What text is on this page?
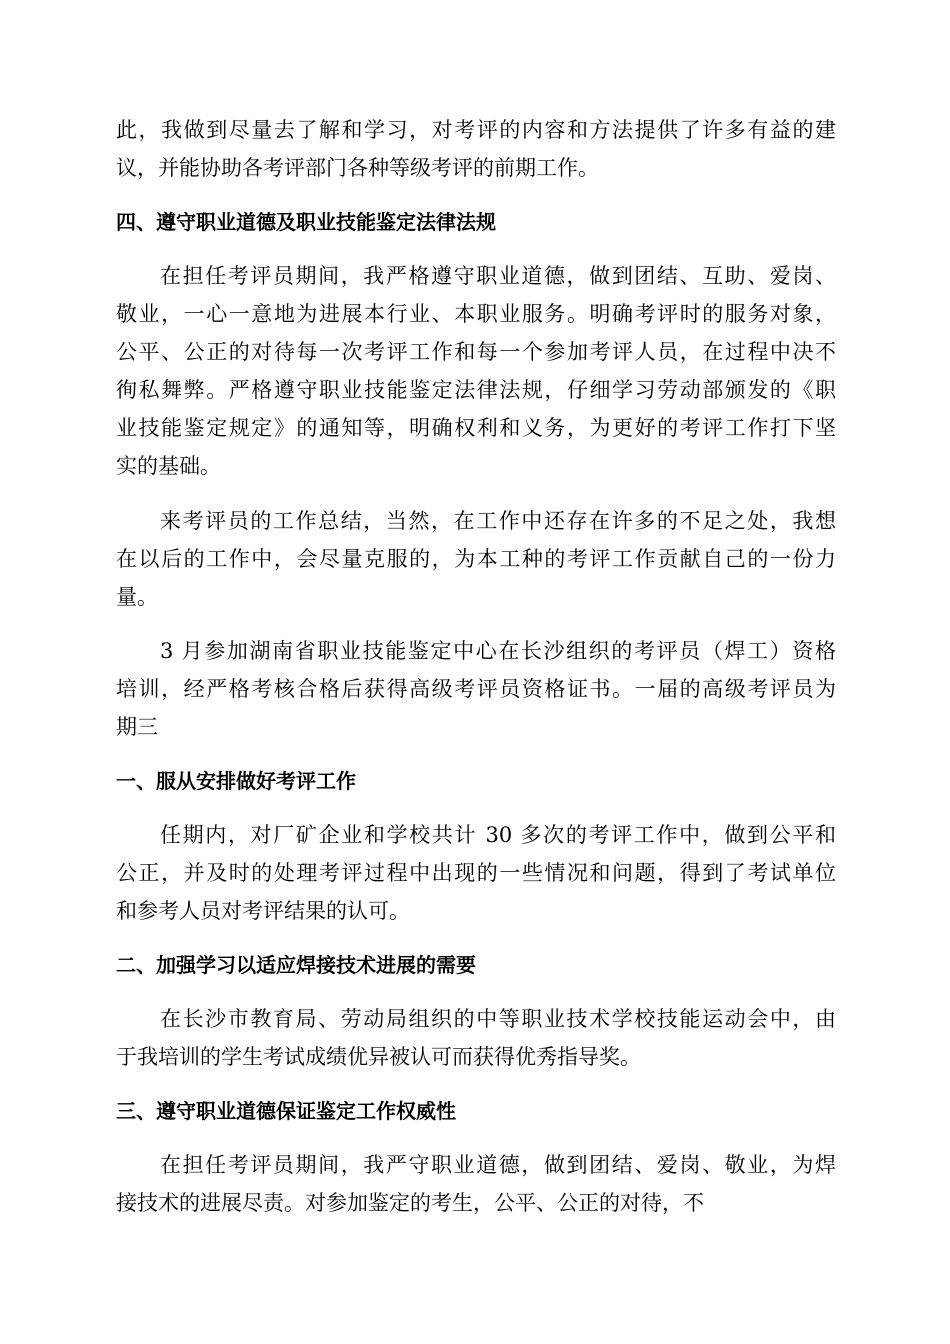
此，我做到尽量去了解和学习，对考评的内容和方法提供了许多有益的建
议，并能协助各考评部门各种等级考评的前期工作。
四、遵守职业道德及职业技能鉴定法律法规
在担任考评员期间，我严格遵守职业道德，做到团结、互助、爱岗、
敬业，一心一意地为进展本行业、本职业服务。明确考评时的服务对象，
公平、公正的对待每一次考评工作和每一个参加考评人员，在过程中决不
徇私舞弊。严格遵守职业技能鉴定法律法规，仔细学习劳动部颁发的《职
业技能鉴定规定》的通知等，明确权利和义务，为更好的考评工作打下坚
实的基础。
来考评员的工作总结，当然，在工作中还存在许多的不足之处，我想
在以后的工作中，会尽量克服的，为本工种的考评工作贡献自己的一份力
量。
3 月参加湖南省职业技能鉴定中心在长沙组织的考评员（焊工）资格
培训，经严格考核合格后获得高级考评员资格证书。一届的高级考评员为
期三
一、服从安排做好考评工作
任期内，对厂矿企业和学校共计 30 多次的考评工作中，做到公平和
公正，并及时的处理考评过程中出现的一些情况和问题，得到了考试单位
和参考人员对考评结果的认可。
二、加强学习以适应焊接技术进展的需要
在长沙市教育局、劳动局组织的中等职业技术学校技能运动会中，由
于我培训的学生考试成绩优异被认可而获得优秀指导奖。
三、遵守职业道德保证鉴定工作权威性
在担任考评员期间，我严守职业道德，做到团结、爱岗、敬业，为焊
接技术的进展尽责。对参加鉴定的考生，公平、公正的对待，不
